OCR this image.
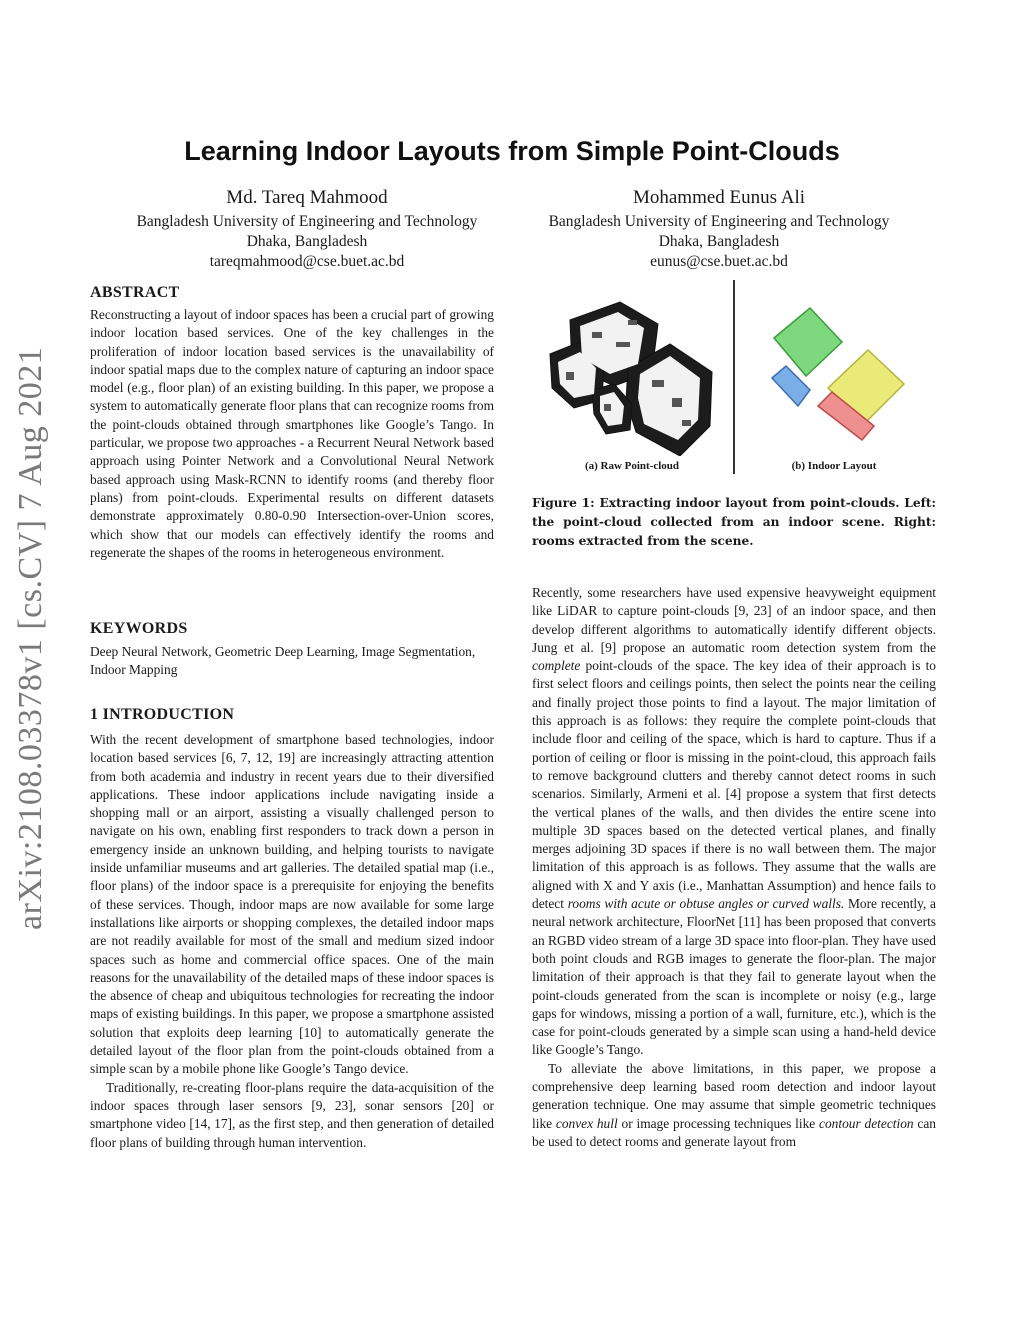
arXiv:2108.03378v1 [cs.CV] 7 Aug 2021
Learning Indoor Layouts from Simple Point-Clouds
Md. Tareq Mahmood
Bangladesh University of Engineering and Technology
Dhaka, Bangladesh
tareqmahmood@cse.buet.ac.bd
Mohammed Eunus Ali
Bangladesh University of Engineering and Technology
Dhaka, Bangladesh
eunus@cse.buet.ac.bd
ABSTRACT

Reconstructing a layout of indoor spaces has been a crucial part of growing indoor location based services. One of the key challenges in the proliferation of indoor location based services is the unavailability of indoor spatial maps due to the complex nature of capturing an indoor space model (e.g., floor plan) of an existing building. In this paper, we propose a system to automatically generate floor plans that can recognize rooms from the point-clouds obtained through smartphones like Google’s Tango. In particular, we propose two approaches - a Recurrent Neural Network based approach using Pointer Network and a Convolutional Neural Network based approach using Mask-RCNN to identify rooms (and thereby floor plans) from point-clouds. Experimental results on different datasets demonstrate approximately 0.80-0.90 Intersection-over-Union scores, which show that our models can effectively identify the rooms and regenerate the shapes of the rooms in heterogeneous environment.

KEYWORDS

Deep Neural Network, Geometric Deep Learning, Image Segmentation, Indoor Mapping

1 INTRODUCTION

With the recent development of smartphone based technologies, indoor location based services [6, 7, 12, 19] are increasingly attracting attention from both academia and industry in recent years due to their diversified applications. These indoor applications include navigating inside a shopping mall or an airport, assisting a visually challenged person to navigate on his own, enabling first responders to track down a person in emergency inside an unknown building, and helping tourists to navigate inside unfamiliar museums and art galleries. The detailed spatial map (i.e., floor plans) of the indoor space is a prerequisite for enjoying the benefits of these services. Though, indoor maps are now available for some large installations like airports or shopping complexes, the detailed indoor maps are not readily available for most of the small and medium sized indoor spaces such as home and commercial office spaces. One of the main reasons for the unavailability of the detailed maps of these indoor spaces is the absence of cheap and ubiquitous technologies for recreating the indoor maps of existing buildings. In this paper, we propose a smartphone assisted solution that exploits deep learning [10] to automatically generate the detailed layout of the floor plan from the point-clouds obtained from a simple scan by a mobile phone like Google’s Tango device.

Traditionally, re-creating floor-plans require the data-acquisition of the indoor spaces through laser sensors [9, 23], sonar sensors [20] or smartphone video [14, 17], as the first step, and then generation of detailed floor plans of building through human intervention.

(a) Raw Point-cloud	(b) Indoor Layout

Figure 1: Extracting indoor layout from point-clouds. Left: the point-cloud collected from an indoor scene. Right: rooms extracted from the scene.

Recently, some researchers have used expensive heavyweight equipment like LiDAR to capture point-clouds [9, 23] of an indoor space, and then develop different algorithms to automatically identify different objects. Jung et al. [9] propose an automatic room detection system from the complete point-clouds of the space. The key idea of their approach is to first select floors and ceilings points, then select the points near the ceiling and finally project those points to find a layout. The major limitation of this approach is as follows: they require the complete point-clouds that include floor and ceiling of the space, which is hard to capture. Thus if a portion of ceiling or floor is missing in the point-cloud, this approach fails to remove background clutters and thereby cannot detect rooms in such scenarios. Similarly, Armeni et al. [4] propose a system that first detects the vertical planes of the walls, and then divides the entire scene into multiple 3D spaces based on the detected vertical planes, and finally merges adjoining 3D spaces if there is no wall between them. The major limitation of this approach is as follows. They assume that the walls are aligned with X and Y axis (i.e., Manhattan Assumption) and hence fails to detect rooms with acute or obtuse angles or curved walls. More recently, a neural network architecture, FloorNet [11] has been proposed that converts an RGBD video stream of a large 3D space into floor-plan. They have used both point clouds and RGB images to generate the floor-plan. The major limitation of their approach is that they fail to generate layout when the point-clouds generated from the scan is incomplete or noisy (e.g., large gaps for windows, missing a portion of a wall, furniture, etc.), which is the case for point-clouds generated by a simple scan using a hand-held device like Google’s Tango.

To alleviate the above limitations, in this paper, we propose a comprehensive deep learning based room detection and indoor layout generation technique. One may assume that simple geometric techniques like convex hull or image processing techniques like contour detection can be used to detect rooms and generate layout from
